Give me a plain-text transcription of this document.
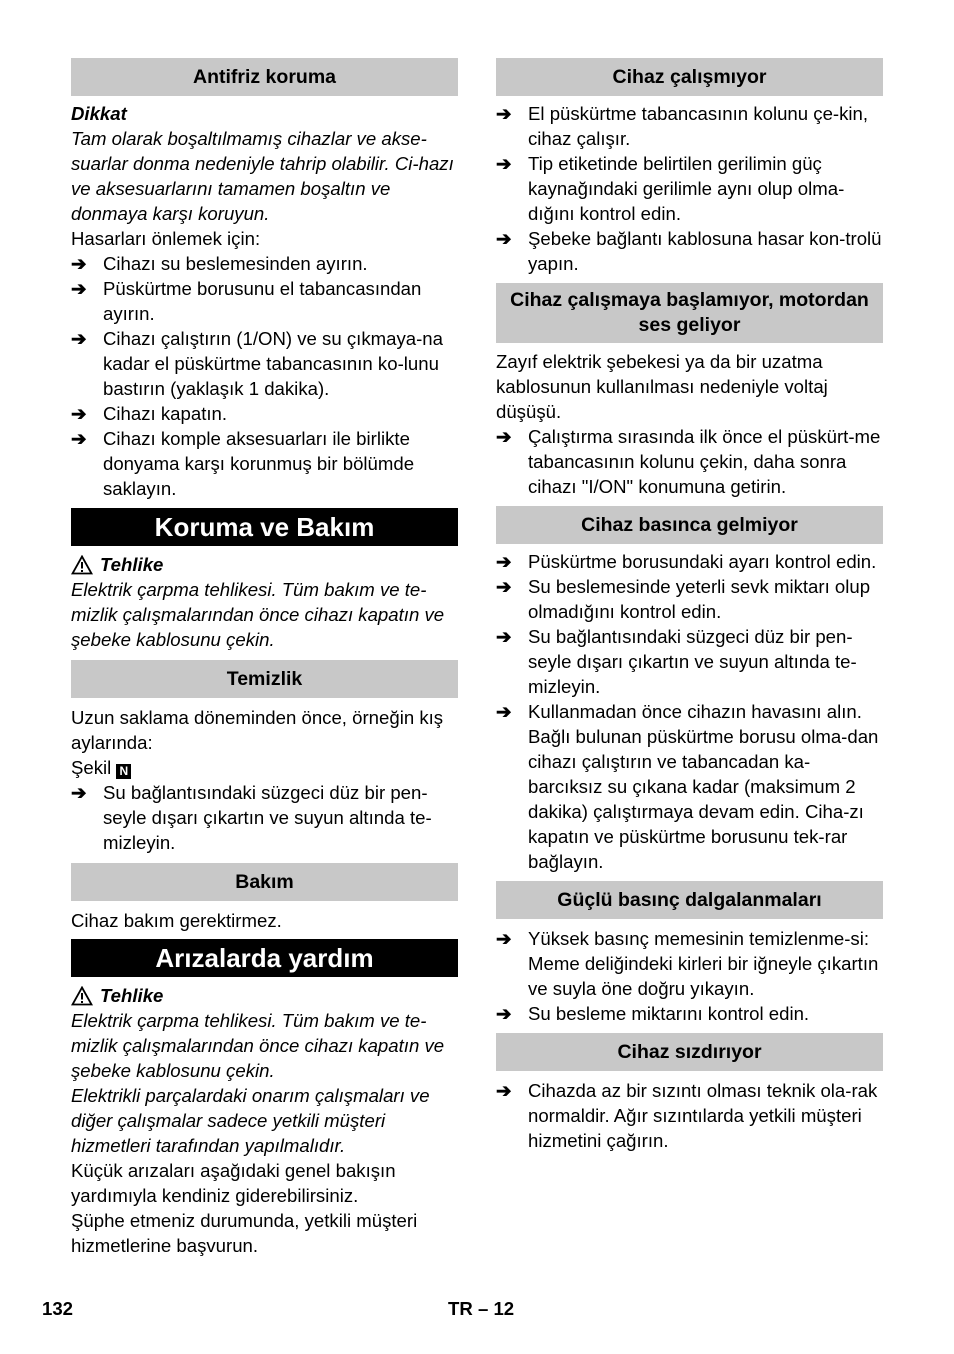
Antifriz koruma

Dikkat

Tam olarak boşaltılmamış cihazlar ve akse-suarlar donma nedeniyle tahrip olabilir. Ci-hazı ve aksesuarlarını tamamen boşaltın ve donmaya karşı koruyun.

Hasarları önlemek için:

➔ Cihazı su beslemesinden ayırın.
➔ Püskürtme borusunu el tabancasından ayırın.
➔ Cihazı çalıştırın (1/ON) ve su çıkmaya-na kadar el püskürtme tabancasının ko-lunu bastırın (yaklaşık 1 dakika).
➔ Cihazı kapatın.
➔ Cihazı komple aksesuarları ile birlikte donyama karşı korunmuş bir bölümde saklayın.
Koruma ve Bakım
Tehlike

Elektrik çarpma tehlikesi. Tüm bakım ve te-mizlik çalışmalarından önce cihazı kapatın ve şebeke kablosunu çekin.

Temizlik

Uzun saklama döneminden önce, örneğin kış aylarında:

Şekil N

➔ Su bağlantısındaki süzgeci düz bir pen-seyle dışarı çıkartın ve suyun altında te-mizleyin.
Bakım

Cihaz bakım gerektirmez.

Arızalarda yardım
Tehlike

Elektrik çarpma tehlikesi. Tüm bakım ve te-mizlik çalışmalarından önce cihazı kapatın ve şebeke kablosunu çekin.

Elektrikli parçalardaki onarım çalışmaları ve diğer çalışmalar sadece yetkili müşteri hizmetleri tarafından yapılmalıdır.

Küçük arızaları aşağıdaki genel bakışın yardımıyla kendiniz giderebilirsiniz.

Şüphe etmeniz durumunda, yetkili müşteri hizmetlerine başvurun.

Cihaz çalışmıyor
➔ El püskürtme tabancasının kolunu çe-kin, cihaz çalışır.
➔ Tip etiketinde belirtilen gerilimin güç kaynağındaki gerilimle aynı olup olma-dığını kontrol edin.
➔ Şebeke bağlantı kablosuna hasar kon-trolü yapın.
Cihaz çalışmaya başlamıyor, motordan ses geliyor

Zayıf elektrik şebekesi ya da bir uzatma kablosunun kullanılması nedeniyle voltaj düşüşü.

➔ Çalıştırma sırasında ilk önce el püskürt-me tabancasının kolunu çekin, daha sonra cihazı "I/ON" konumuna getirin.
Cihaz basınca gelmiyor
➔ Püskürtme borusundaki ayarı kontrol edin.
➔ Su beslemesinde yeterli sevk miktarı olup olmadığını kontrol edin.
➔ Su bağlantısındaki süzgeci düz bir pen-seyle dışarı çıkartın ve suyun altında te-mizleyin.
➔ Kullanmadan önce cihazın havasını alın.

Bağlı bulunan püskürtme borusu olma-dan cihazı çalıştırın ve tabancadan ka-barcıksız su çıkana kadar (maksimum 2 dakika) çalıştırmaya devam edin. Ciha-zı kapatın ve püskürtme borusunu tek-rar bağlayın.

Güçlü basınç dalgalanmaları
➔ Yüksek basınç memesinin temizlenme-si: Meme deliğindeki kirleri bir iğneyle çıkartın ve suyla öne doğru yıkayın.
➔ Su besleme miktarını kontrol edin.
Cihaz sızdırıyor
➔ Cihazda az bir sızıntı olması teknik ola-rak normaldir. Ağır sızıntılarda yetkili müşteri hizmetini çağırın.
132	TR – 12
